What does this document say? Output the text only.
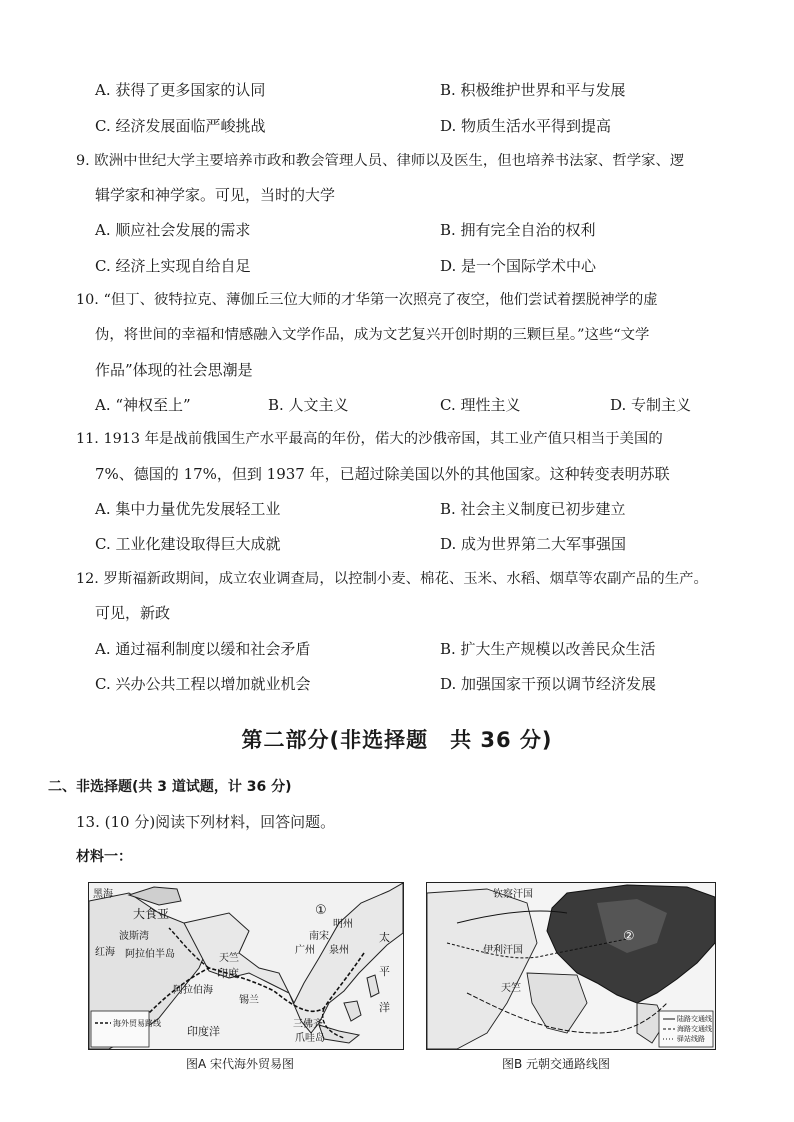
A. 获得了更多国家的认同	B. 积极维护世界和平与发展
C. 经济发展面临严峻挑战	D. 物质生活水平得到提高
9. 欧洲中世纪大学主要培养市政和教会管理人员、律师以及医生，但也培养书法家、哲学家、逻
辑学家和神学家。可见，当时的大学
A. 顺应社会发展的需求	B. 拥有完全自治的权利
C. 经济上实现自给自足	D. 是一个国际学术中心
10. “但丁、彼特拉克、薄伽丘三位大师的才华第一次照亮了夜空，他们尝试着摆脱神学的虚
伪，将世间的幸福和情感融入文学作品，成为文艺复兴开创时期的三颗巨星。”这些“文学
作品”体现的社会思潮是
A. “神权至上”	B. 人文主义	C. 理性主义	D. 专制主义
11. 1913 年是战前俄国生产水平最高的年份，偌大的沙俄帝国，其工业产值只相当于美国的
7%、德国的 17%，但到 1937 年，已超过除美国以外的其他国家。这种转变表明苏联
A. 集中力量优先发展轻工业	B. 社会主义制度已初步建立
C. 工业化建设取得巨大成就	D. 成为世界第二大军事强国
12. 罗斯福新政期间，成立农业调查局，以控制小麦、棉花、玉米、水稻、烟草等农副产品的生产。
可见，新政
A. 通过福利制度以缓和社会矛盾	B. 扩大生产规模以改善民众生活
C. 兴办公共工程以增加就业机会	D. 加强国家干预以调节经济发展
第二部分(非选择题　共 36 分)
二、非选择题(共 3 道试题，计 36 分)
13. (10 分)阅读下列材料，回答问题。
材料一：
黑海
大食亚
波斯湾
阿拉伯半岛
红海
天竺
印度
阿拉伯海
锡兰
印度洋
南宋
明州
广州 泉州
太
平
洋
三佛齐
爪哇岛
①
海外贸易路线
图A 宋代海外贸易图
钦察汗国
②
伊利汗国
天竺
陆路交通线
海路交通线
驿站线路
图B 元朝交通路线图
